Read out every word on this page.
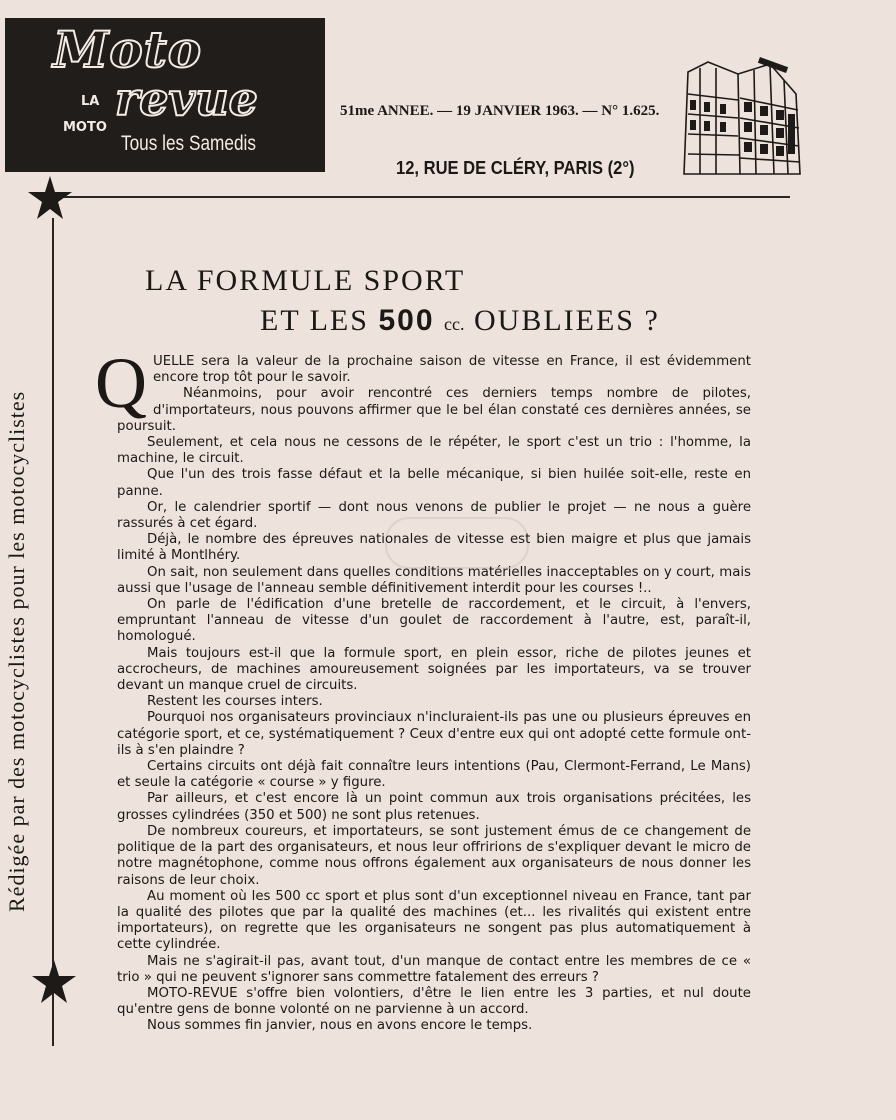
Moto
LA
MOTO
revue
Tous les Samedis
51me ANNEE. — 19 JANVIER 1963. — N° 1.625.
12, RUE DE CLÉRY, PARIS (2°)
Rédigée par des motocyclistes pour les motocyclistes
LA FORMULE SPORT
ET LES 500 cc. OUBLIEES ?
Q UELLE sera la valeur de la prochaine saison de vitesse en France, il est évidemment encore trop tôt pour le savoir.

Néanmoins, pour avoir rencontré ces derniers temps nombre de pilotes, d'importateurs, nous pouvons affirmer que le bel élan constaté ces dernières années, se poursuit.

Seulement, et cela nous ne cessons de le répéter, le sport c'est un trio : l'homme, la machine, le circuit.

Que l'un des trois fasse défaut et la belle mécanique, si bien huilée soit-elle, reste en panne.

Or, le calendrier sportif — dont nous venons de publier le projet — ne nous a guère rassurés à cet égard.

Déjà, le nombre des épreuves nationales de vitesse est bien maigre et plus que jamais limité à Montlhéry.

On sait, non seulement dans quelles conditions matérielles inacceptables on y court, mais aussi que l'usage de l'anneau semble définitivement interdit pour les courses !..

On parle de l'édification d'une bretelle de raccordement, et le circuit, à l'envers, empruntant l'anneau de vitesse d'un goulet de raccordement à l'autre, est, paraît-il, homologué.

Mais toujours est-il que la formule sport, en plein essor, riche de pilotes jeunes et accrocheurs, de machines amoureusement soignées par les importateurs, va se trouver devant un manque cruel de circuits.

Restent les courses inters.

Pourquoi nos organisateurs provinciaux n'incluraient-ils pas une ou plusieurs épreuves en catégorie sport, et ce, systématiquement ? Ceux d'entre eux qui ont adopté cette formule ont-ils à s'en plaindre ?

Certains circuits ont déjà fait connaître leurs intentions (Pau, Clermont-Ferrand, Le Mans) et seule la catégorie « course » y figure.

Par ailleurs, et c'est encore là un point commun aux trois organisations précitées, les grosses cylindrées (350 et 500) ne sont plus retenues.

De nombreux coureurs, et importateurs, se sont justement émus de ce changement de politique de la part des organisateurs, et nous leur offririons de s'expliquer devant le micro de notre magnétophone, comme nous offrons également aux organisateurs de nous donner les raisons de leur choix.

Au moment où les 500 cc sport et plus sont d'un exceptionnel niveau en France, tant par la qualité des pilotes que par la qualité des machines (et... les rivalités qui existent entre importateurs), on regrette que les organisateurs ne songent pas plus automatiquement à cette cylindrée.

Mais ne s'agirait-il pas, avant tout, d'un manque de contact entre les membres de ce « trio » qui ne peuvent s'ignorer sans commettre fatalement des erreurs ?

MOTO-REVUE s'offre bien volontiers, d'être le lien entre les 3 parties, et nul doute qu'entre gens de bonne volonté on ne parvienne à un accord.

Nous sommes fin janvier, nous en avons encore le temps.
